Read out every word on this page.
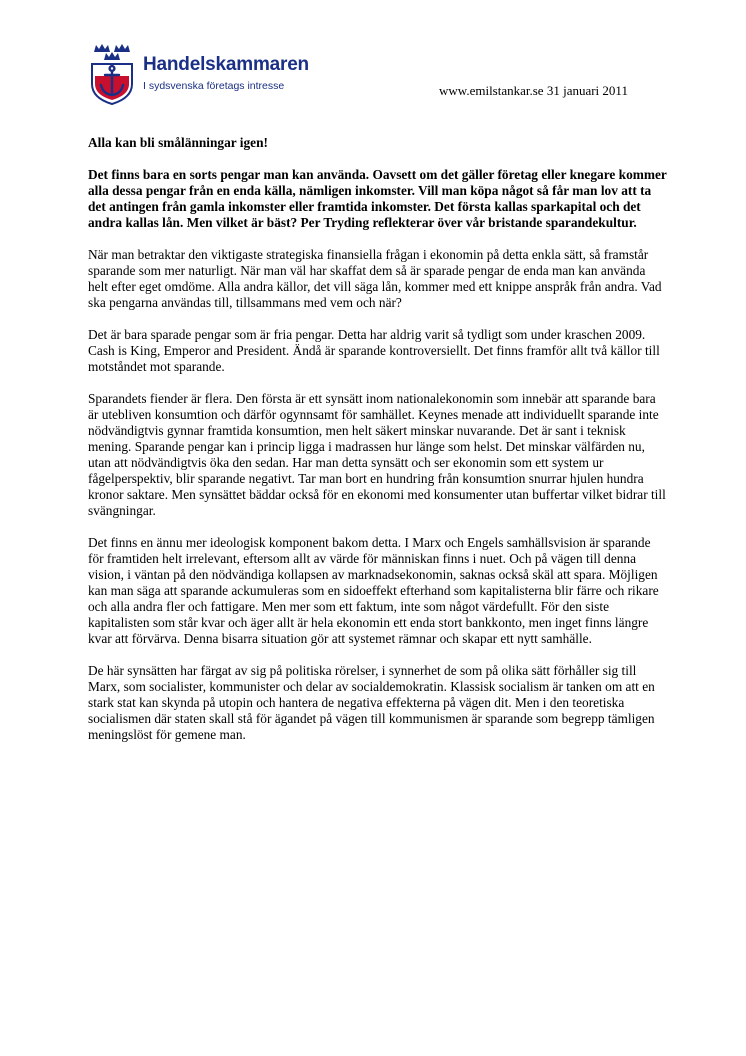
Handelskammaren
I sydsvenska företags intresse	www.emilstankar.se 31 januari 2011

Alla kan bli smålänningar igen!

Det finns bara en sorts pengar man kan använda. Oavsett om det gäller företag eller knegare kommer alla dessa pengar från en enda källa, nämligen inkomster. Vill man köpa något så får man lov att ta det antingen från gamla inkomster eller framtida inkomster. Det första kallas sparkapital och det andra kallas lån. Men vilket är bäst? Per Tryding reflekterar över vår bristande sparandekultur.

När man betraktar den viktigaste strategiska finansiella frågan i ekonomin på detta enkla sätt, så framstår sparande som mer naturligt. När man väl har skaffat dem så är sparade pengar de enda man kan använda helt efter eget omdöme. Alla andra källor, det vill säga lån, kommer med ett knippe anspråk från andra. Vad ska pengarna användas till, tillsammans med vem och när?

Det är bara sparade pengar som är fria pengar. Detta har aldrig varit så tydligt som under kraschen 2009. Cash is King, Emperor and President. Ändå är sparande kontroversiellt. Det finns framför allt två källor till motståndet mot sparande.

Sparandets fiender är flera. Den första är ett synsätt inom nationalekonomin som innebär att sparande bara är utebliven konsumtion och därför ogynnsamt för samhället. Keynes menade att individuellt sparande inte nödvändigtvis gynnar framtida konsumtion, men helt säkert minskar nuvarande. Det är sant i teknisk mening. Sparande pengar kan i princip ligga i madrassen hur länge som helst. Det minskar välfärden nu, utan att nödvändigtvis öka den sedan. Har man detta synsätt och ser ekonomin som ett system ur fågelperspektiv, blir sparande negativt. Tar man bort en hundring från konsumtion snurrar hjulen hundra kronor saktare. Men synsättet bäddar också för en ekonomi med konsumenter utan buffertar vilket bidrar till svängningar.

Det finns en ännu mer ideologisk komponent bakom detta. I Marx och Engels samhällsvision är sparande för framtiden helt irrelevant, eftersom allt av värde för människan finns i nuet. Och på vägen till denna vision, i väntan på den nödvändiga kollapsen av marknadsekonomin, saknas också skäl att spara. Möjligen kan man säga att sparande ackumuleras som en sidoeffekt efterhand som kapitalisterna blir färre och rikare och alla andra fler och fattigare. Men mer som ett faktum, inte som något värdefullt. För den siste kapitalisten som står kvar och äger allt är hela ekonomin ett enda stort bankkonto, men inget finns längre kvar att förvärva. Denna bisarra situation gör att systemet rämnar och skapar ett nytt samhälle.

De här synsätten har färgat av sig på politiska rörelser, i synnerhet de som på olika sätt förhåller sig till Marx, som socialister, kommunister och delar av socialdemokratin. Klassisk socialism är tanken om att en stark stat kan skynda på utopin och hantera de negativa effekterna på vägen dit. Men i den teoretiska socialismen där staten skall stå för ägandet på vägen till kommunismen är sparande som begrepp tämligen meningslöst för gemene man.
